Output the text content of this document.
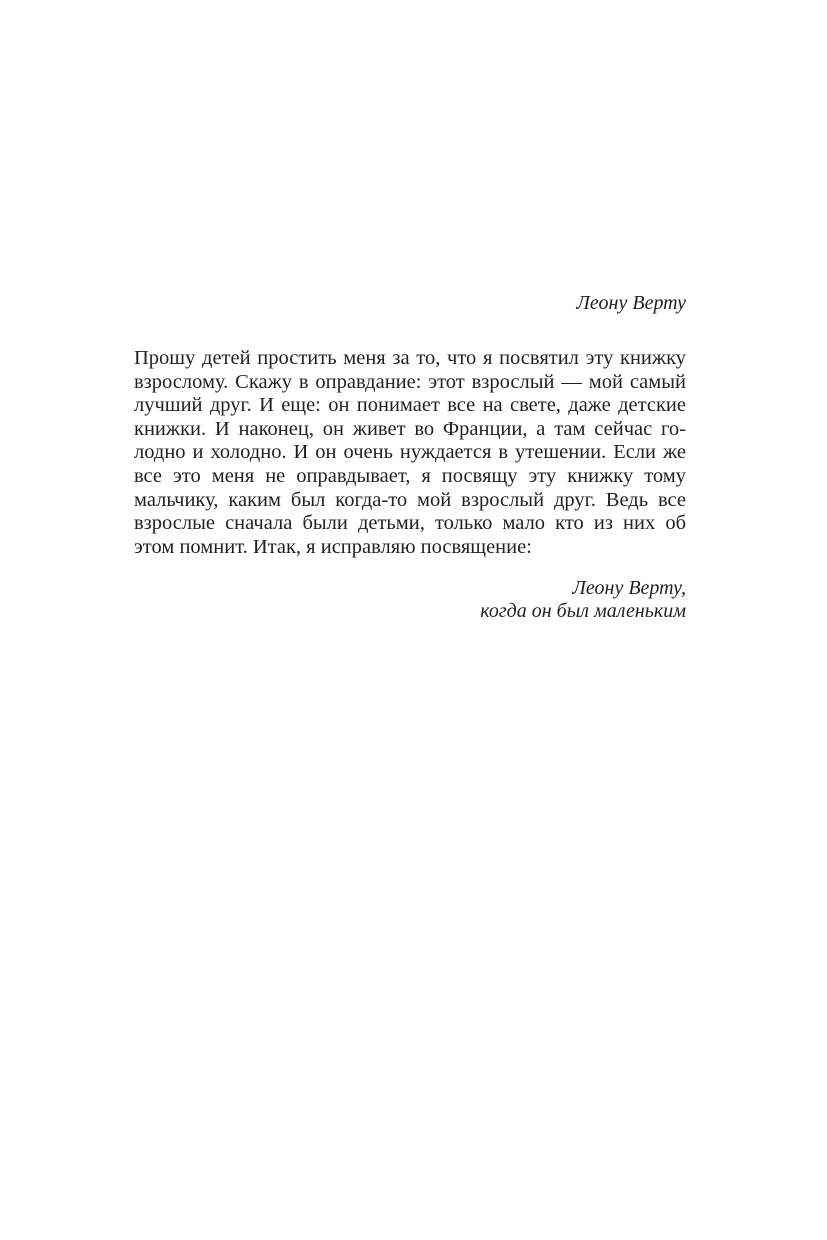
Леону Верту

Прошу детей простить меня за то, что я посвятил эту книжку
взрослому. Скажу в оправдание: этот взрослый — мой самый
лучший друг. И еще: он понимает все на свете, даже детские
книжки. И наконец, он живет во Франции, а там сейчас го-
лодно и холодно. И он очень нуждается в утешении. Если же
все это меня не оправдывает, я посвящу эту книжку тому
мальчику, каким был когда-то мой взрослый друг. Ведь все
взрослые сначала были детьми, только мало кто из них об
этом помнит. Итак, я исправляю посвящение:

Леону Верту,
когда он был маленьким
